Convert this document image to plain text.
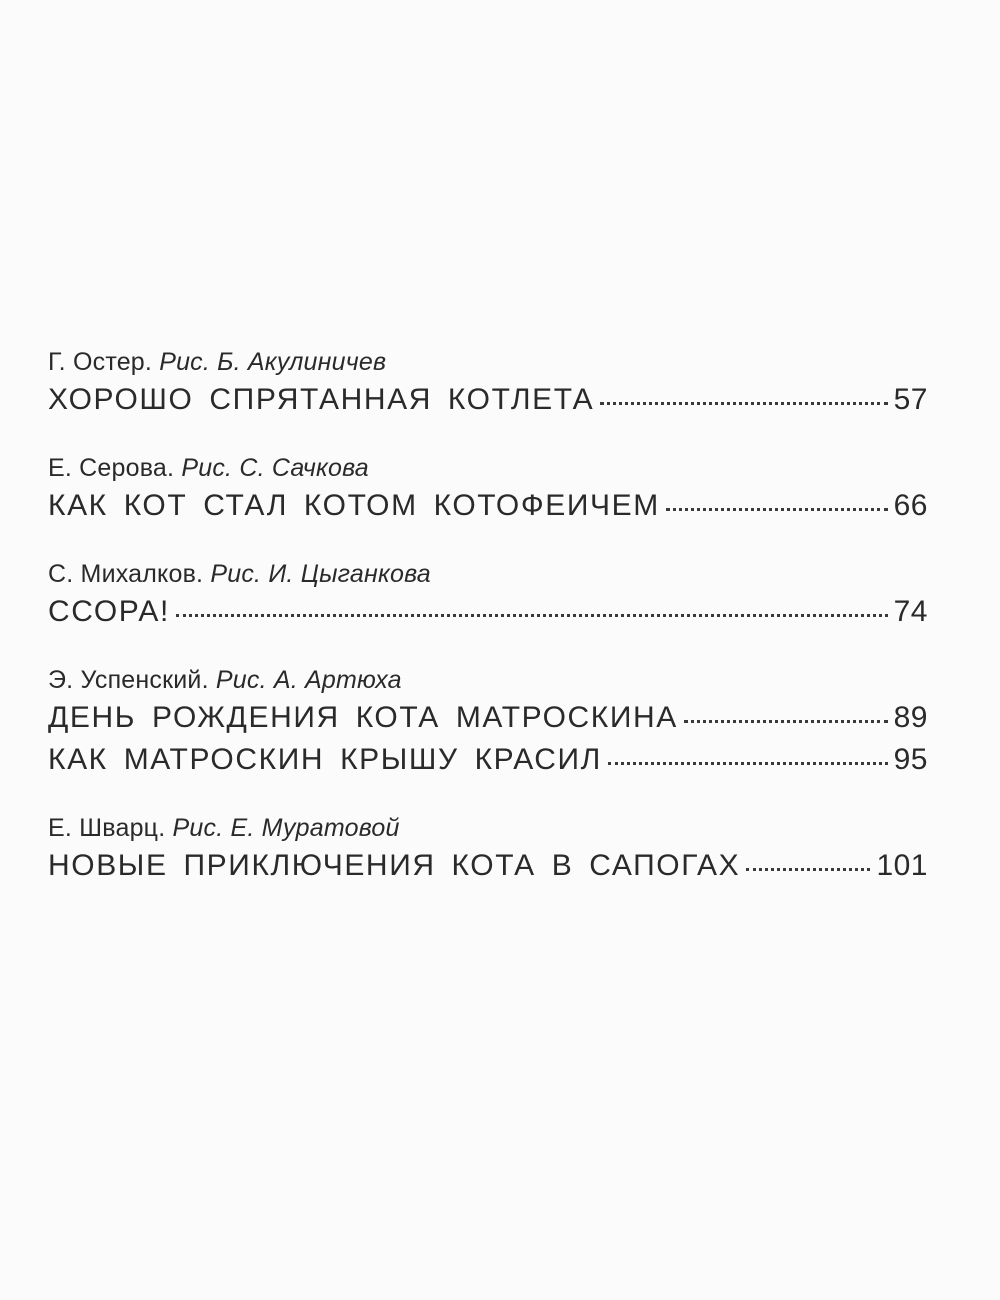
Г. Остер. Рис. Б. Акулиничев
ХОРОШО СПРЯТАННАЯ КОТЛЕТА	57
Е. Серова. Рис. С. Сачкова
КАК КОТ СТАЛ КОТОМ КОТОФЕИЧЕМ	66
С. Михалков. Рис. И. Цыганкова
ССОРА!	74
Э. Успенский. Рис. А. Артюха
ДЕНЬ РОЖДЕНИЯ КОТА МАТРОСКИНА	89
КАК МАТРОСКИН КРЫШУ КРАСИЛ	95
Е. Шварц. Рис. Е. Муратовой
НОВЫЕ ПРИКЛЮЧЕНИЯ КОТА В САПОГАХ	101
